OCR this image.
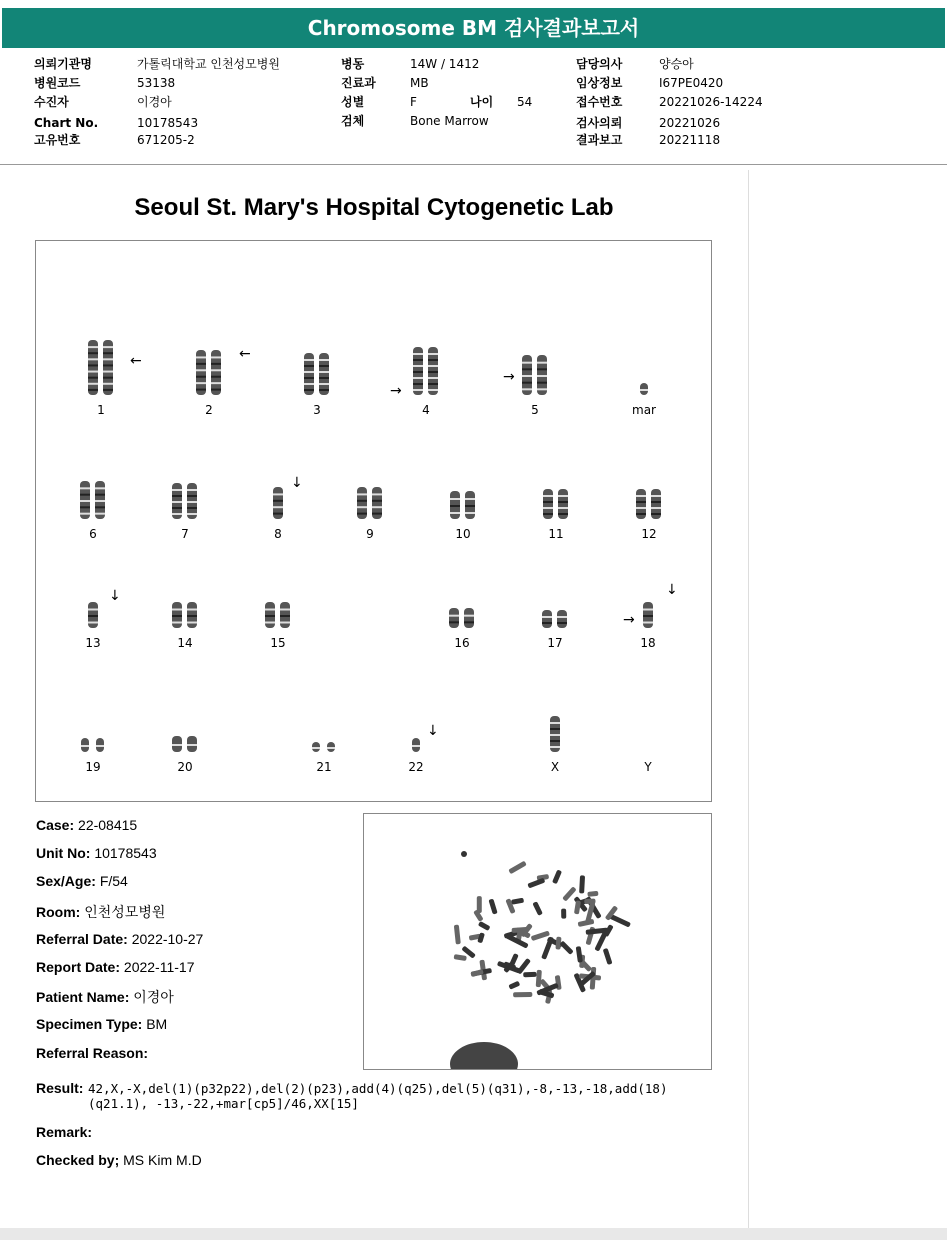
Chromosome BM 검사결과보고서
의뢰기관명	가톨릭대학교 인천성모병원
병원코드	53138
수진자	이경아
Chart No.	10178543
고유번호	671205-2
병동	14W / 1412
진료과	MB
성별	F	나이 54
검체	Bone Marrow
담당의사	양승아
임상정보	I67PE0420
접수번호	20221026-14224
검사의뢰	20221026
결과보고	20221118
Seoul St. Mary's Hospital Cytogenetic Lab
1	2	3	4	5	mar
6	7	8	9	10	11	12
13	14	15	16	17	18
19	20	21	22	X	Y
←	←
→
→
↓
↓	↓
→
↓
Case: 22-08415
Unit No: 10178543
Sex/Age: F/54
Room: 인천성모병원
Referral Date: 2022-10-27
Report Date: 2022-11-17
Patient Name: 이경아
Specimen Type: BM
Referral Reason:
Result: 42,X,-X,del(1)(p32p22),del(2)(p23),add(4)(q25),del(5)(q31),-8,-13,-18,add(18)(q21.1), -13,-22,+mar[cp5]/46,XX[15]
Remark:
Checked by; MS Kim M.D
